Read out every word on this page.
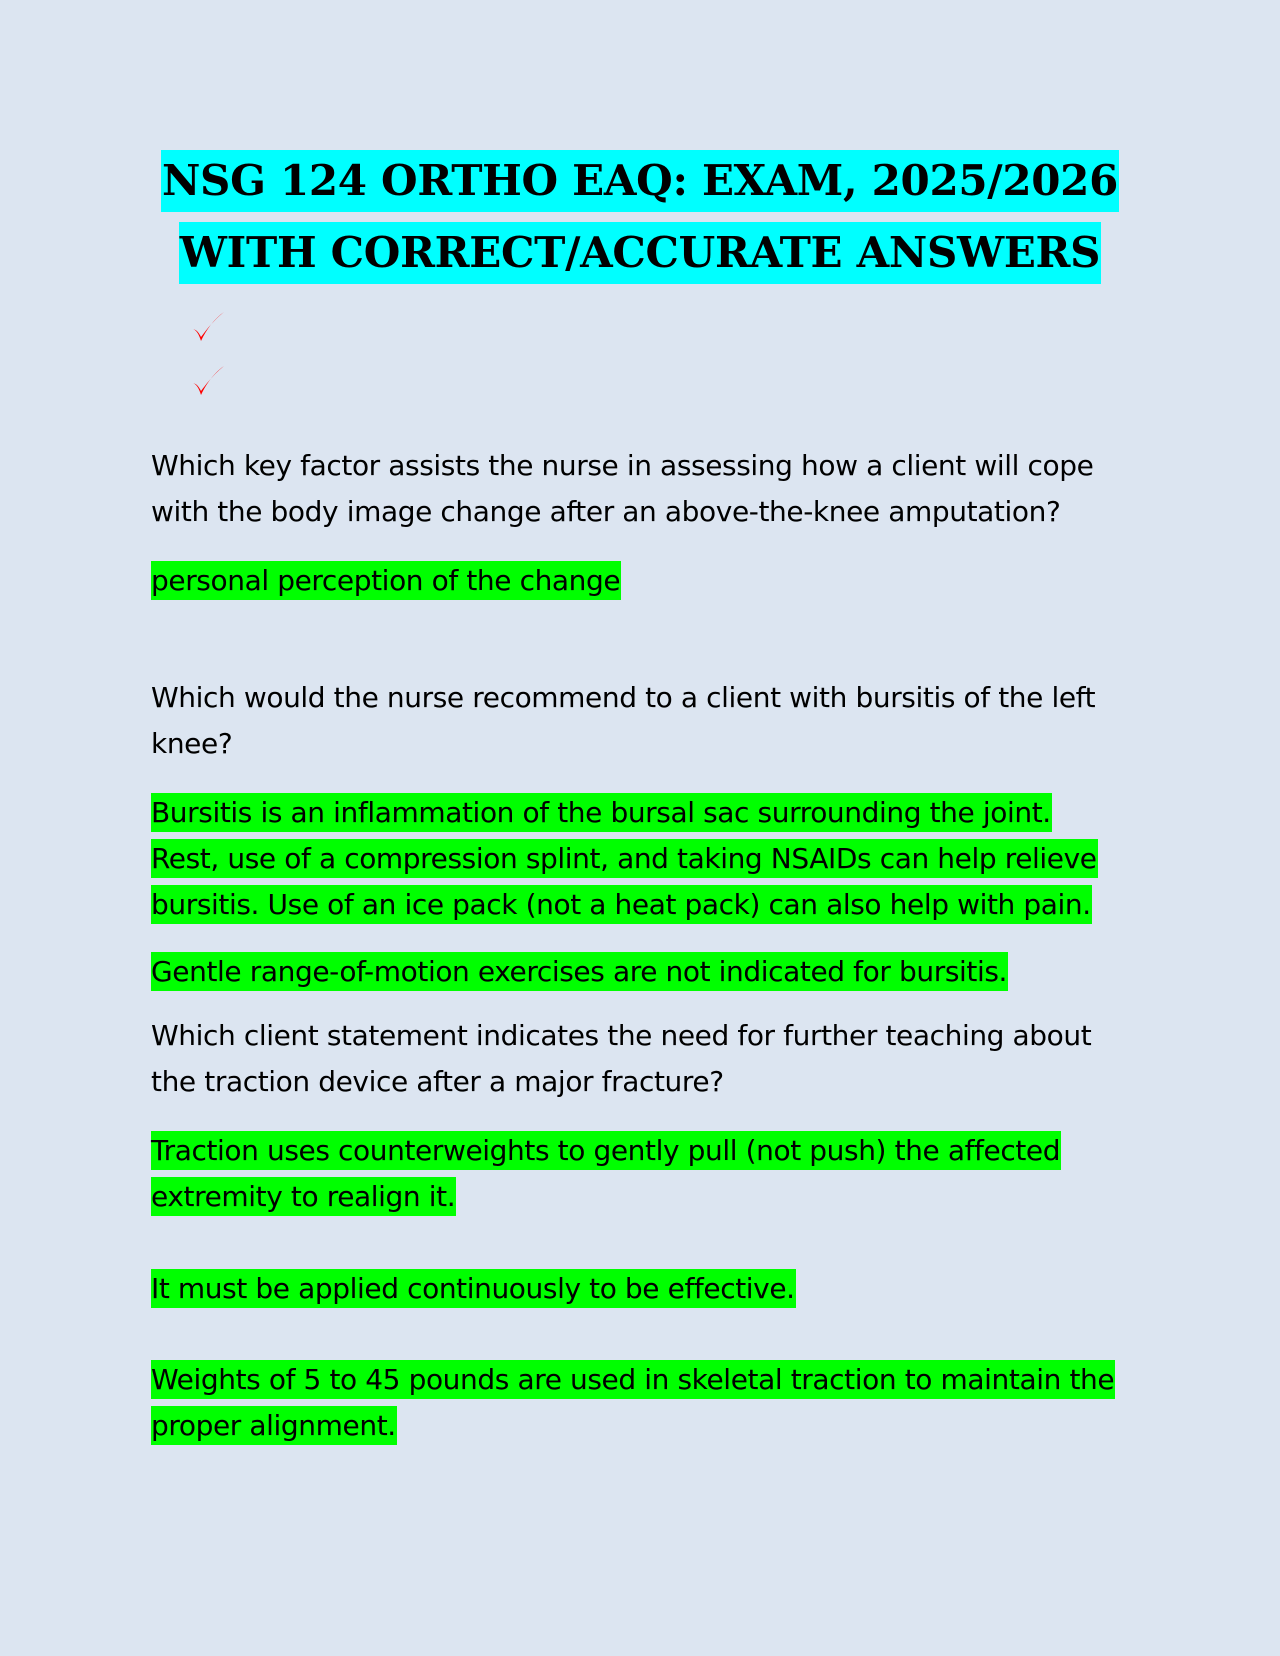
NSG 124 ORTHO EAQ: EXAM, 2025/2026
WITH CORRECT/ACCURATE ANSWERS
Which key factor assists the nurse in assessing how a client will cope
with the body image change after an above-the-knee amputation?
personal perception of the change
Which would the nurse recommend to a client with bursitis of the left
knee?
Bursitis is an inflammation of the bursal sac surrounding the joint.
Rest, use of a compression splint, and taking NSAIDs can help relieve
bursitis. Use of an ice pack (not a heat pack) can also help with pain.
Gentle range-of-motion exercises are not indicated for bursitis.
Which client statement indicates the need for further teaching about
the traction device after a major fracture?
Traction uses counterweights to gently pull (not push) the affected
extremity to realign it.
It must be applied continuously to be effective.
Weights of 5 to 45 pounds are used in skeletal traction to maintain the
proper alignment.
